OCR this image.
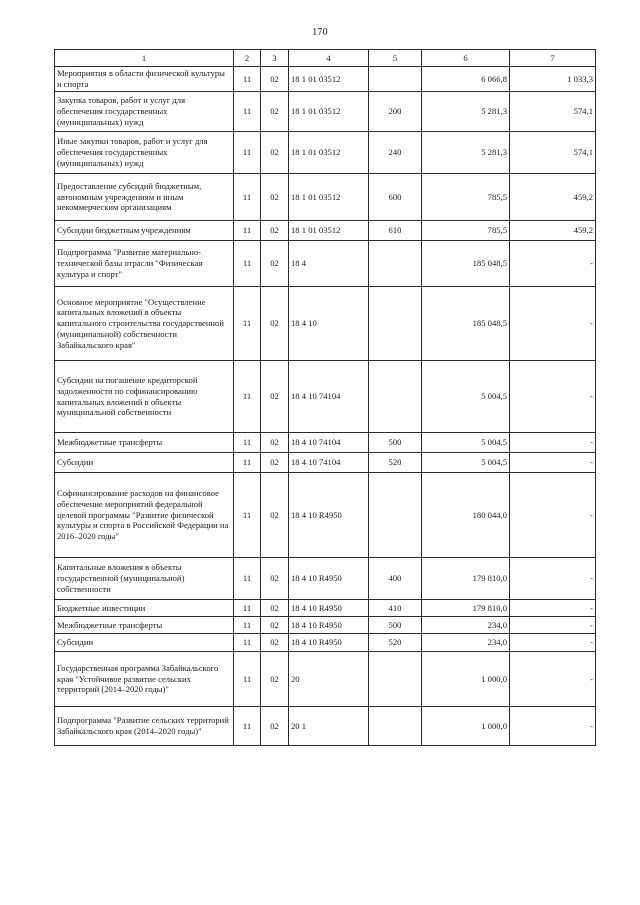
170
1	2	3	4	5	6	7
Мероприятия в области физической культуры и спорта	11	02	18 1 01 03512		6 066,8	1 033,3
Закупка товаров, работ и услуг для обеспечения государственных (муниципальных) нужд	11	02	18 1 01 03512	200	5 281,3	574,1
Иные закупки товаров, работ и услуг для обеспечения государственных (муниципальных) нужд	11	02	18 1 01 03512	240	5 281,3	574,1
Предоставление субсидий бюджетным, автономным учреждениям и иным некоммерческим организациям	11	02	18 1 01 03512	600	785,5	459,2
Субсидии бюджетным учреждениям	11	02	18 1 01 03512	610	785,5	459,2
Подпрограмма "Развитие материально-технической базы отрасли "Физическая культура и спорт"	11	02	18 4		185 048,5	-
Основное мероприятие "Осуществление капитальных вложений в объекты капитального строительства государственной (муниципальной) собственности Забайкальского края"	11	02	18 4 10		185 048,5	-
Субсидии на погашение кредиторской задолженности по софинансированию капитальных вложений в объекты муниципальной собственности	11	02	18 4 10 74104		5 004,5	-
Межбюджетные трансферты	11	02	18 4 10 74104	500	5 004,5	-
Субсидии	11	02	18 4 10 74104	520	5 004,5	-
Софинансирование расходов на финансовое обеспечение мероприятий федеральной целевой программы "Развитие физической культуры и спорта в Российской Федерации на 2016–2020 годы"	11	02	18 4 10 R4950		180 044,0	-
Капитальные вложения в объекты государственной (муниципальной) собственности	11	02	18 4 10 R4950	400	179 810,0	-
Бюджетные инвестиции	11	02	18 4 10 R4950	410	179 810,0	-
Межбюджетные трансферты	11	02	18 4 10 R4950	500	234,0	-
Субсидии	11	02	18 4 10 R4950	520	234,0	-
Государственная программа Забайкальского края "Устойчивое развитие сельских территорий (2014–2020 годы)"	11	02	20		1 000,0	-
Подпрограмма "Развитие сельских территорий Забайкальского края (2014–2020 годы)"	11	02	20 1		1 000,0	-
